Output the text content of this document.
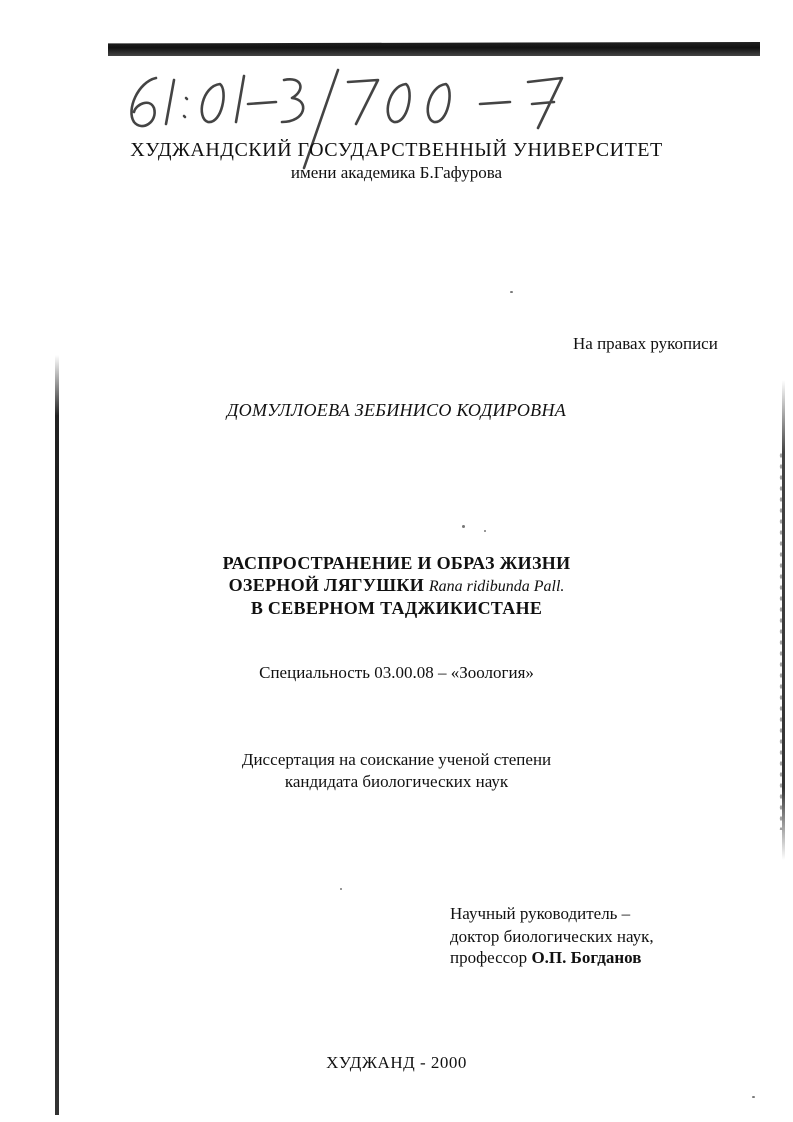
61:01-3/700-7
ХУДЖАНДСКИЙ ГОСУДАРСТВЕННЫЙ УНИВЕРСИТЕТ
имени академика Б.Гафурова
На правах рукописи
ДОМУЛЛОЕВА ЗЕБИНИСО КОДИРОВНА
РАСПРОСТРАНЕНИЕ И ОБРАЗ ЖИЗНИ
ОЗЕРНОЙ ЛЯГУШКИ Rana ridibunda Pall.
В СЕВЕРНОМ ТАДЖИКИСТАНЕ
Специальность 03.00.08 – «Зоология»
Диссертация на соискание ученой степени
кандидата биологических наук
Научный руководитель –
доктор биологических наук,
профессор О.П. Богданов
ХУДЖАНД - 2000
